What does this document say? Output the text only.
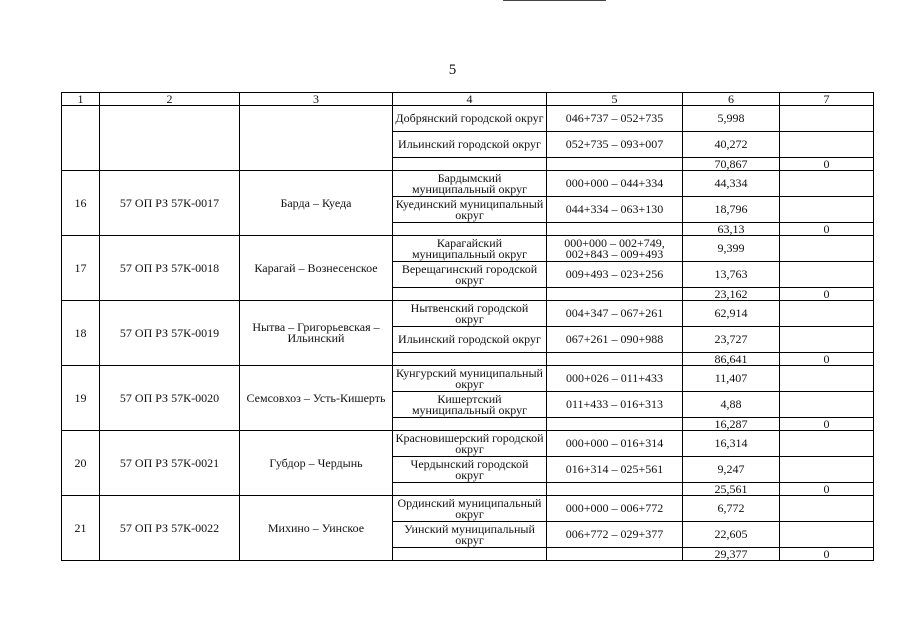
5
1	2	3	4	5	6	7
			Добрянский городской округ	046+737 – 052+735	5,998	
			Ильинский городской округ	052+735 – 093+007	40,272	
					70,867	0
16	57 ОП РЗ 57К-0017	Барда – Куеда	Бардымский муниципальный округ	000+000 – 044+334	44,334	
			Куединский муниципальный округ	044+334 – 063+130	18,796	
					63,13	0
17	57 ОП РЗ 57К-0018	Карагай – Вознесенское	Карагайский муниципальный округ	000+000 – 002+749, 002+843 – 009+493	9,399	
			Верещагинский городской округ	009+493 – 023+256	13,763	
					23,162	0
18	57 ОП РЗ 57К-0019	Нытва – Григорьевская – Ильинский	Нытвенский городской округ	004+347 – 067+261	62,914	
			Ильинский городской округ	067+261 – 090+988	23,727	
					86,641	0
19	57 ОП РЗ 57К-0020	Семсовхоз – Усть-Кишерть	Кунгурский муниципальный округ	000+026 – 011+433	11,407	
			Кишертский муниципальный округ	011+433 – 016+313	4,88	
					16,287	0
20	57 ОП РЗ 57К-0021	Губдор – Чердынь	Красновишерский городской округ	000+000 – 016+314	16,314	
			Чердынский городской округ	016+314 – 025+561	9,247	
					25,561	0
21	57 ОП РЗ 57К-0022	Михино – Уинское	Ординский муниципальный округ	000+000 – 006+772	6,772	
			Уинский муниципальный округ	006+772 – 029+377	22,605	
					29,377	0
